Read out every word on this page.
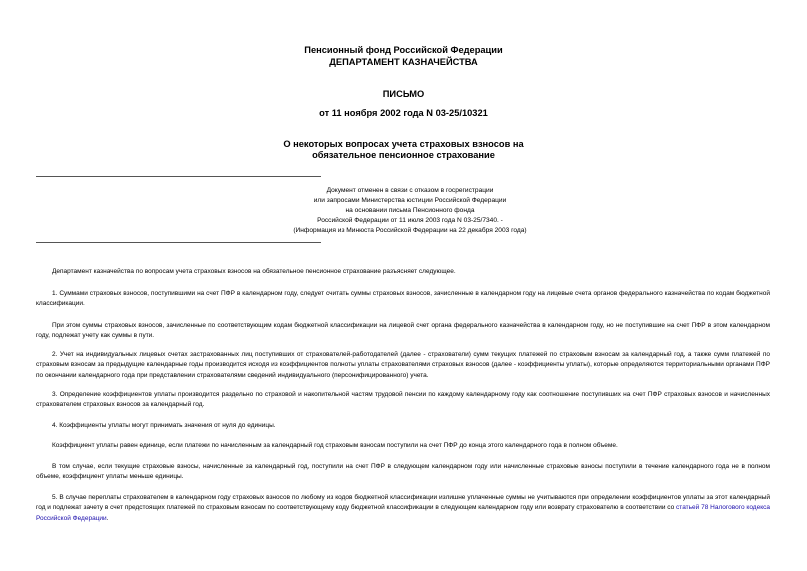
Пенсионный фонд Российской Федерации
ДЕПАРТАМЕНТ КАЗНАЧЕЙСТВА
ПИСЬМО
от 11 ноября 2002 года N 03-25/10321
О некоторых вопросах учета страховых взносов на
обязательное пенсионное страхование
Документ отменен в связи с отказом в госрегистрации
или запросами Министерства юстиции Российской Федерации
на основании письма Пенсионного фонда
Российской Федерации от 11 июля 2003 года N 03-25/7340. -
(Информация из Минюста Российской Федерации на 22 декабря 2003 года)
Департамент казначейства по вопросам учета страховых взносов на обязательное пенсионное страхование разъясняет следующее.
1. Суммами страховых взносов, поступившими на счет ПФР в календарном году, следует считать суммы страховых взносов, зачисленные в календарном году на лицевые счета органов федерального казначейства по кодам бюджетной классификации.
При этом суммы страховых взносов, зачисленные по соответствующим кодам бюджетной классификации на лицевой счет органа федерального казначейства в календарном году, но не поступившие на счет ПФР в этом календарном году, подлежат учету как суммы в пути.
2. Учет на индивидуальных лицевых счетах застрахованных лиц поступивших от страхователей-работодателей (далее - страхователи) сумм текущих платежей по страховым взносам за календарный год, а также сумм платежей по страховым взносам за предыдущие календарные годы производится исходя из коэффициентов полноты уплаты страхователями страховых взносов (далее - коэффициенты уплаты), которые определяются территориальными органами ПФР по окончании календарного года при представлении страхователями сведений индивидуального (персонифицированного) учета.
3. Определение коэффициентов уплаты производится раздельно по страховой и накопительной частям трудовой пенсии по каждому календарному году как соотношение поступивших на счет ПФР страховых взносов и начисленных страхователем страховых взносов за календарный год.
4. Коэффициенты уплаты могут принимать значения от нуля до единицы.
Коэффициент уплаты равен единице, если платежи по начисленным за календарный год страховым взносам поступили на счет ПФР до конца этого календарного года в полном объеме.
В том случае, если текущие страховые взносы, начисленные за календарный год, поступили на счет ПФР в следующем календарном году или начисленные страховые взносы поступили в течение календарного года не в полном объеме, коэффициент уплаты меньше единицы.
5. В случае переплаты страхователем в календарном году страховых взносов по любому из кодов бюджетной классификации излишне уплаченные суммы не учитываются при определении коэффициентов уплаты за этот календарный год и подлежат зачету в счет предстоящих платежей по страховым взносам по соответствующему коду бюджетной классификации в следующем календарном году или возврату страхователю в соответствии со статьей 78 Налогового кодекса Российской Федерации.
